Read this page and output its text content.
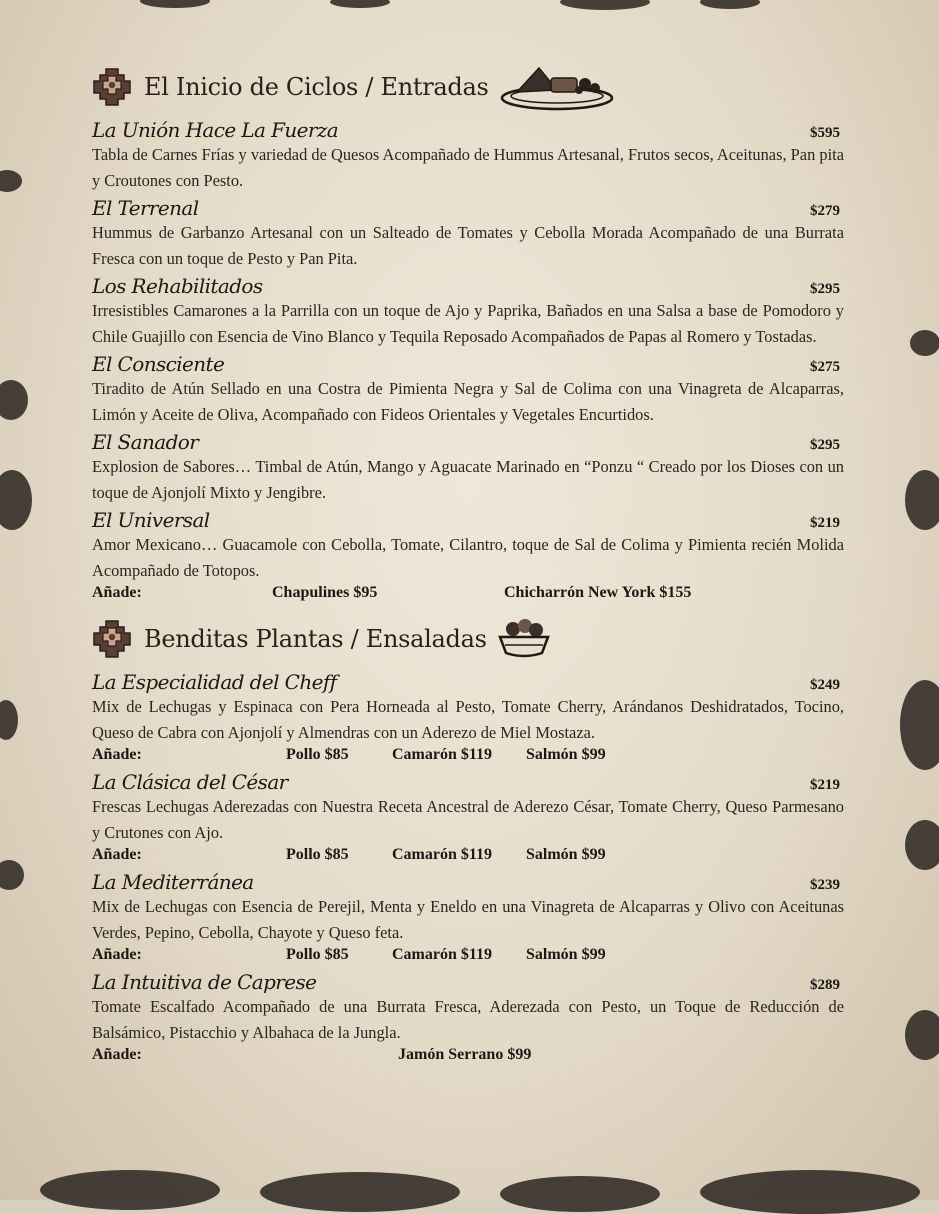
El Inicio de Ciclos / Entradas
La Unión Hace La Fuerza	$595
Tabla de Carnes Frías y variedad de Quesos Acompañado de Hummus Artesanal, Frutos secos, Aceitunas, Pan pita y Croutones con Pesto.
El Terrenal	$279
Hummus de Garbanzo Artesanal con un Salteado de Tomates y Cebolla Morada Acompañado de una Burrata Fresca con un toque de Pesto y Pan Pita.
Los Rehabilitados	$295
Irresistibles Camarones a la Parrilla con un toque de Ajo y Paprika, Bañados en una Salsa a base de Pomodoro y Chile Guajillo con Esencia de Vino Blanco y Tequila Reposado Acompañados de Papas al Romero y Tostadas.
El Consciente	$275
Tiradito de Atún Sellado en una Costra de Pimienta Negra y Sal de Colima con una Vinagreta de Alcaparras, Limón y Aceite de Oliva, Acompañado con Fideos Orientales y Vegetales Encurtidos.
El Sanador	$295
Explosion de Sabores… Timbal de Atún, Mango y Aguacate Marinado en “Ponzu “ Creado por los Dioses con un toque de Ajonjolí Mixto y Jengibre.
El Universal	$219
Amor Mexicano… Guacamole con Cebolla, Tomate, Cilantro, toque de Sal de Colima y Pimienta recién Molida Acompañado de Totopos.
Añade:	Chapulines $95	Chicharrón New York $155
Benditas Plantas / Ensaladas
La Especialidad del Cheff	$249
Mix de Lechugas y Espinaca con Pera Horneada al Pesto, Tomate Cherry, Arándanos Deshidratados, Tocino, Queso de Cabra con Ajonjolí y Almendras con un Aderezo de Miel Mostaza.
Añade:	Pollo $85	Camarón $119 Salmón $99
La Clásica del César	$219
Frescas Lechugas Aderezadas con Nuestra Receta Ancestral de Aderezo César, Tomate Cherry, Queso Parmesano y Crutones con Ajo.
Añade:	Pollo $85	Camarón $119 Salmón $99
La Mediterránea	$239
Mix de Lechugas con Esencia de Perejil, Menta y Eneldo en una Vinagreta de Alcaparras y Olivo con Aceitunas Verdes, Pepino, Cebolla, Chayote y Queso feta.
Añade:	Pollo $85	Camarón $119 Salmón $99
La Intuitiva de Caprese	$289
Tomate Escalfado Acompañado de una Burrata Fresca, Aderezada con Pesto, un Toque de Reducción de Balsámico, Pistacchio y Albahaca de la Jungla.
Añade:	Jamón Serrano $99
